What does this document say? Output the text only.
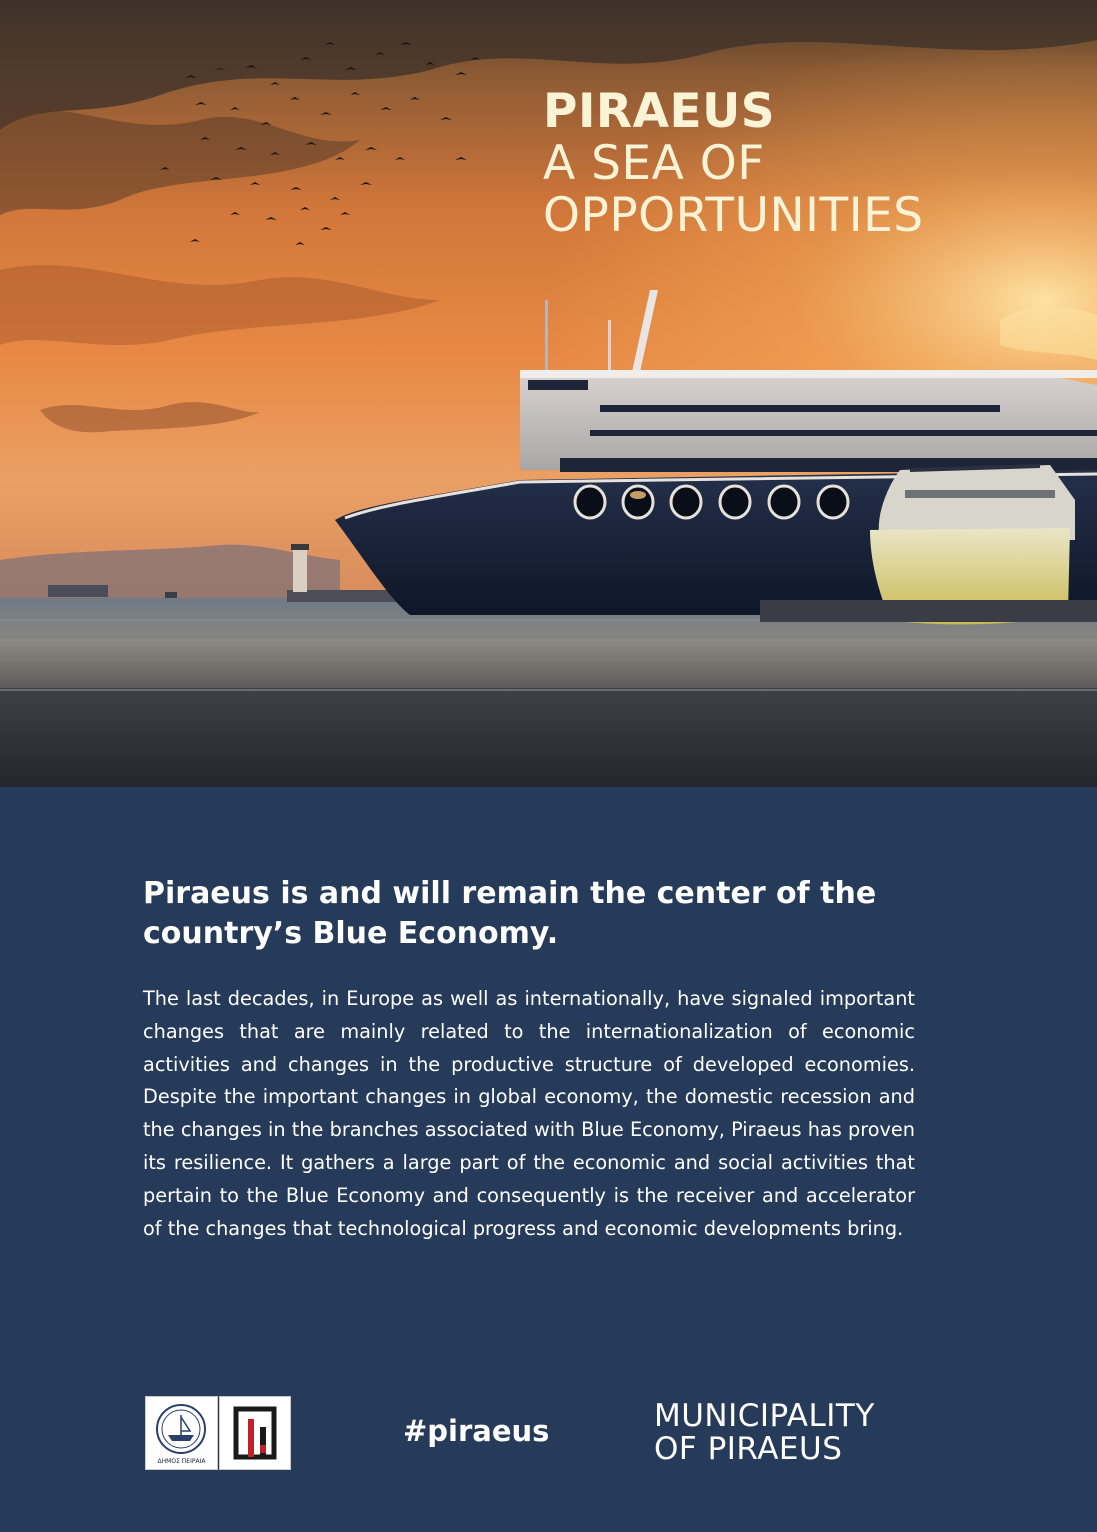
PIRAEUS
A SEA OF
OPPORTUNITIES
Piraeus is and will remain the center of the country’s Blue Economy.
The last decades, in Europe as well as internationally, have signaled important changes that are mainly related to the internationalization of economic activities and changes in the productive structure of developed economies. Despite the important changes in global economy, the domestic recession and the changes in the branches associated with Blue Economy, Piraeus has proven its resilience. It gathers a large part of the economic and social activities that pertain to the Blue Economy and consequently is the receiver and accelerator of the changes that technological progress and economic developments bring.
ΔΗΜΟΣ ΠΕΙΡΑΙΑ
#piraeus	MUNICIPALITY
OF PIRAEUS
